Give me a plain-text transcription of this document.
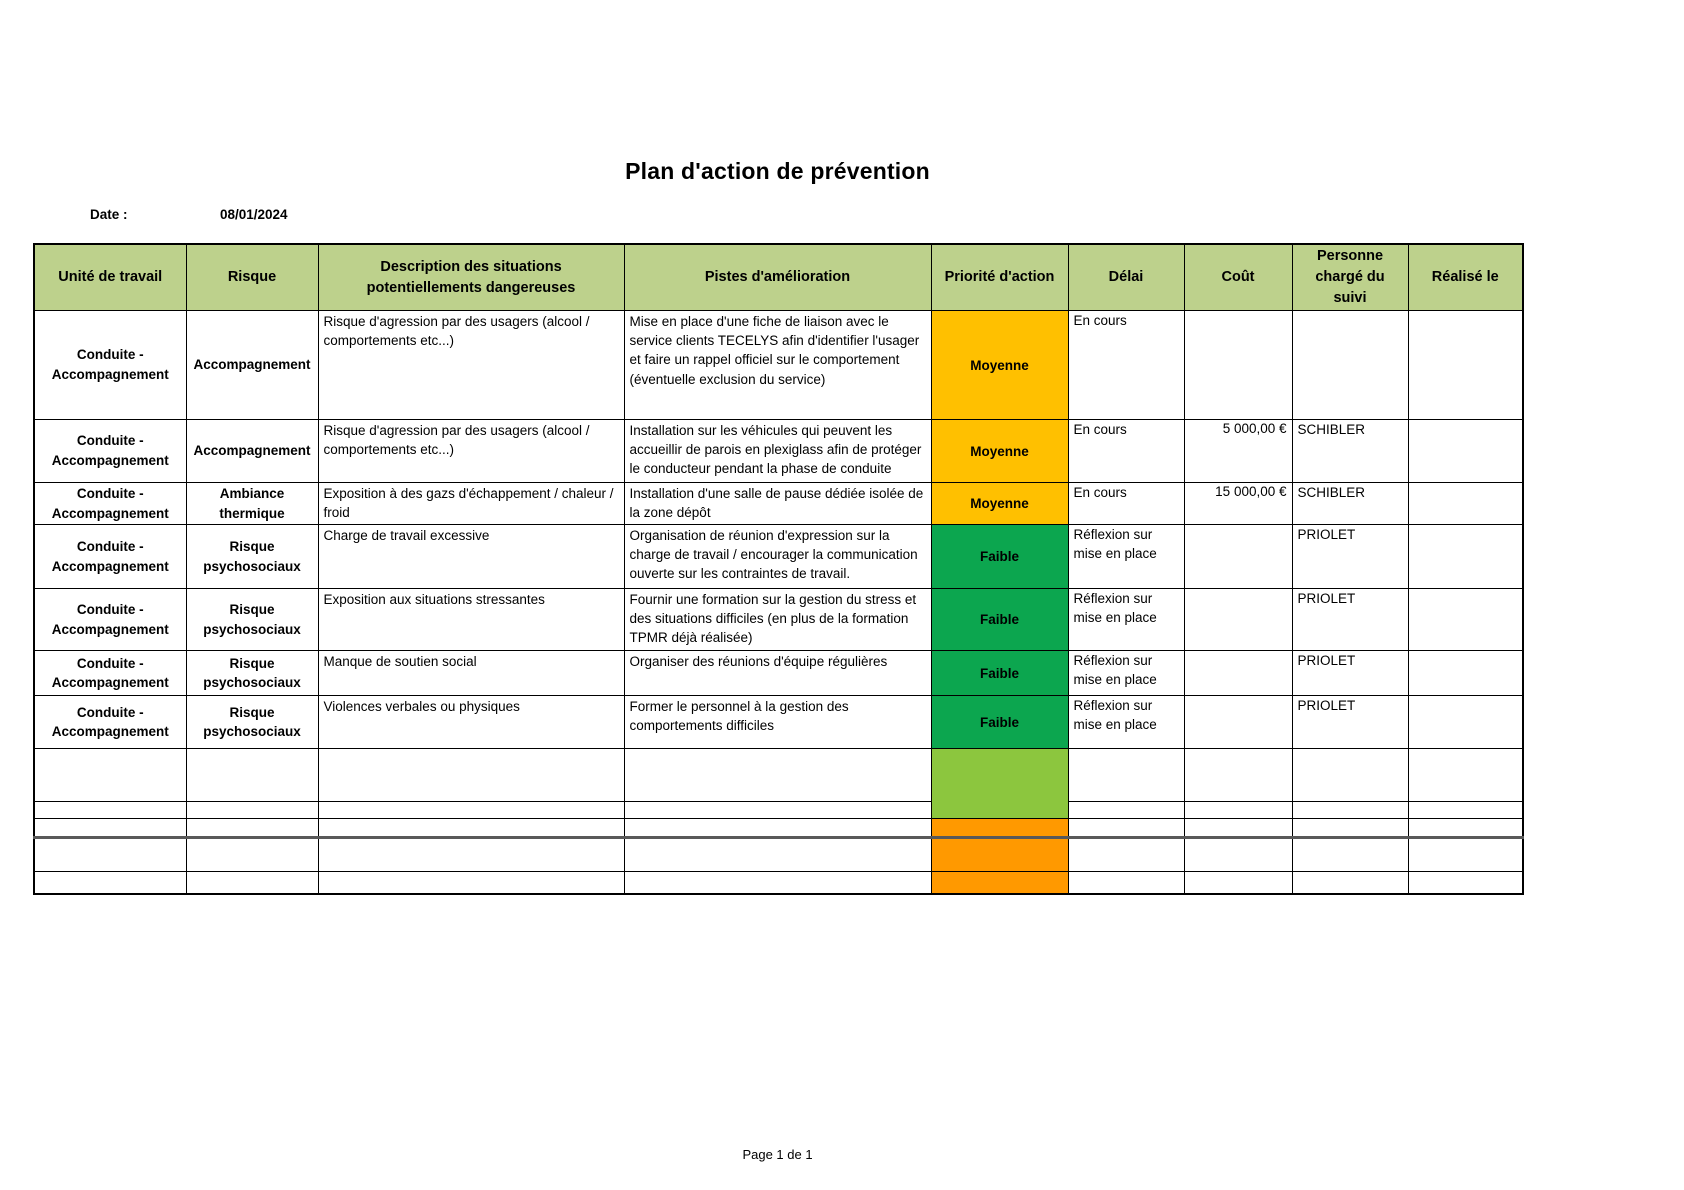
Plan d'action de prévention
Date :	08/01/2024
Unité de travail	Risque	Description des situations potentiellements dangereuses	Pistes d'amélioration	Priorité d'action	Délai	Coût	Personne chargé du suivi	Réalisé le
Conduite - Accompagnement	Accompagnement	Risque d'agression par des usagers (alcool / comportements etc...)	Mise en place d'une fiche de liaison avec le service clients TECELYS afin d'identifier l'usager et faire un rappel officiel sur le comportement (éventuelle exclusion du service)	Moyenne	En cours			
Conduite - Accompagnement	Accompagnement	Risque d'agression par des usagers (alcool / comportements etc...)	Installation sur les véhicules qui peuvent les accueillir de parois en plexiglass afin de protéger le conducteur pendant la phase de conduite	Moyenne	En cours	5 000,00 €	SCHIBLER	
Conduite - Accompagnement	Ambiance thermique	Exposition à des gazs d'échappement / chaleur / froid	Installation d'une salle de pause dédiée isolée de la zone dépôt	Moyenne	En cours	15 000,00 €	SCHIBLER	
Conduite - Accompagnement	Risque psychosociaux	Charge de travail excessive	Organisation de réunion d'expression sur la charge de travail / encourager la communication ouverte sur les contraintes de travail.	Faible	Réflexion sur mise en place		PRIOLET	
Conduite - Accompagnement	Risque psychosociaux	Exposition aux situations stressantes	Fournir une formation sur la gestion du stress et des situations difficiles (en plus de la formation TPMR déjà réalisée)	Faible	Réflexion sur mise en place		PRIOLET	
Conduite - Accompagnement	Risque psychosociaux	Manque de soutien social	Organiser des réunions d'équipe régulières	Faible	Réflexion sur mise en place		PRIOLET	
Conduite - Accompagnement	Risque psychosociaux	Violences verbales ou physiques	Former le personnel à la gestion des comportements difficiles	Faible	Réflexion sur mise en place		PRIOLET	

Page 1 de 1
